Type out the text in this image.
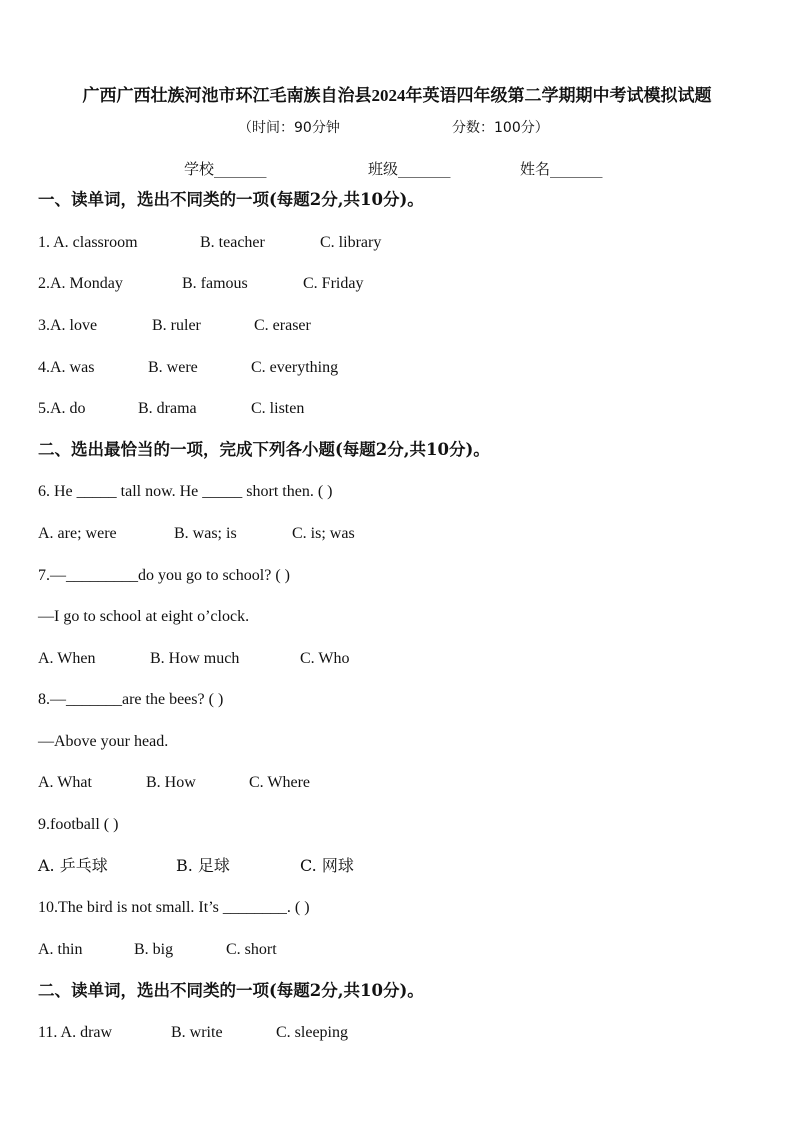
广西广西壮族河池市环江毛南族自治县2024年英语四年级第二学期期中考试模拟试题
（时间：90分钟	分数：100分）
学校_______	班级_______	姓名_______
一、读单词，选出不同类的一项(每题2分,共10分)。
1. A. classroom	B. teacher	C. library
2.A. Monday	B. famous	C. Friday
3.A. love	B. ruler	C. eraser
4.A. was	B. were	C. everything
5.A. do	B. drama	C. listen
二、选出最恰当的一项，完成下列各小题(每题2分,共10分)。
6. He _____ tall now. He _____ short then. ( )
A. are; were	B. was; is	C. is; was
7.—_________do you go to school? ( )
—I go to school at eight o’clock.
A. When	B. How much	C. Who
8.—_______are the bees? ( )
—Above your head.
A. What	B. How	C. Where
9.football ( )
A. 乒乓球	B. 足球	C. 网球
10.The bird is not small. It’s ________. ( )
A. thin	B. big	C. short
二、读单词，选出不同类的一项(每题2分,共10分)。
11. A. draw	B. write	C. sleeping
